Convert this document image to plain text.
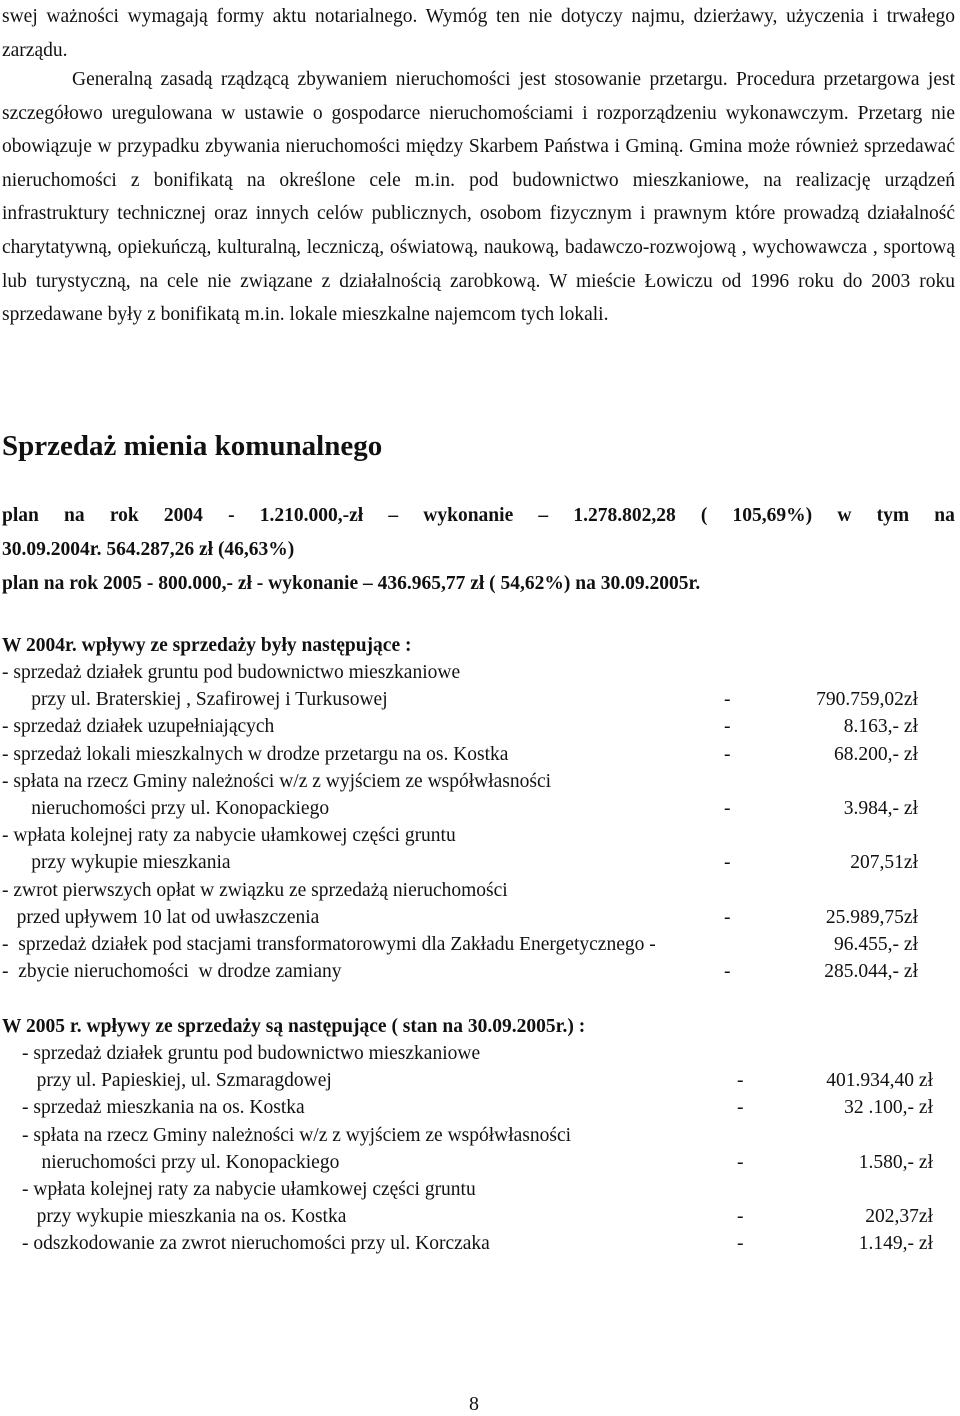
swej ważności wymagają formy aktu notarialnego. Wymóg ten nie dotyczy najmu, dzierżawy, użyczenia i trwałego zarządu.
Generalną zasadą rządzącą zbywaniem nieruchomości jest stosowanie przetargu. Procedura przetargowa jest szczegółowo uregulowana w ustawie o gospodarce nieruchomościami i rozporządzeniu wykonawczym. Przetarg nie obowiązuje w przypadku zbywania nieruchomości między Skarbem Państwa i Gminą. Gmina może również sprzedawać nieruchomości z bonifikatą na określone cele m.in. pod budownictwo mieszkaniowe, na realizację urządzeń infrastruktury technicznej oraz innych celów publicznych, osobom fizycznym i prawnym które prowadzą działalność charytatywną, opiekuńczą, kulturalną, leczniczą, oświatową, naukową, badawczo-rozwojową , wychowawcza , sportową lub turystyczną, na cele nie związane z działalnością zarobkową. W mieście Łowiczu od 1996 roku do 2003 roku sprzedawane były z bonifikatą m.in. lokale mieszkalne najemcom tych lokali.
Sprzedaż mienia komunalnego
plan na rok 2004 - 1.210.000,-zł – wykonanie – 1.278.802,28 ( 105,69%) w tym na
30.09.2004r. 564.287,26 zł (46,63%)
plan na rok 2005 - 800.000,- zł - wykonanie – 436.965,77 zł ( 54,62%) na 30.09.2005r.
W 2004r. wpływy ze sprzedaży były następujące :
- sprzedaż działek gruntu pod budownictwo mieszkaniowe
przy ul. Braterskiej , Szafirowej i Turkusowej	-	790.759,02zł
- sprzedaż działek uzupełniających	-	8.163,- zł
- sprzedaż lokali mieszkalnych w drodze przetargu na os. Kostka	-	68.200,- zł
- spłata na rzecz Gminy należności w/z z wyjściem ze współwłasności
nieruchomości przy ul. Konopackiego	-	3.984,- zł
- wpłata kolejnej raty za nabycie ułamkowej części gruntu
przy wykupie mieszkania	-	207,51zł
- zwrot pierwszych opłat w związku ze sprzedażą nieruchomości
przed upływem 10 lat od uwłaszczenia	-	25.989,75zł
-  sprzedaż działek pod stacjami transformatorowymi dla Zakładu Energetycznego -	96.455,- zł
-  zbycie nieruchomości  w drodze zamiany	-	285.044,- zł
W 2005 r. wpływy ze sprzedaży są następujące ( stan na 30.09.2005r.) :
- sprzedaż działek gruntu pod budownictwo mieszkaniowe
przy ul. Papieskiej, ul. Szmaragdowej	-	401.934,40 zł
- sprzedaż mieszkania na os. Kostka	-	32 .100,- zł
- spłata na rzecz Gminy należności w/z z wyjściem ze współwłasności
nieruchomości przy ul. Konopackiego	-	1.580,- zł
- wpłata kolejnej raty za nabycie ułamkowej części gruntu
przy wykupie mieszkania na os. Kostka	-	202,37zł
- odszkodowanie za zwrot nieruchomości przy ul. Korczaka	-	1.149,- zł
8
